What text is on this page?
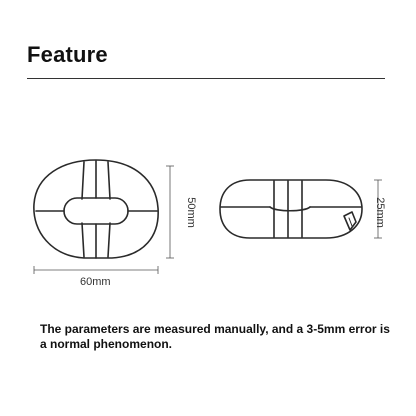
Feature
60mm
50mm	25mm

The parameters are measured manually, and a 3-5mm error is a normal phenomenon.
